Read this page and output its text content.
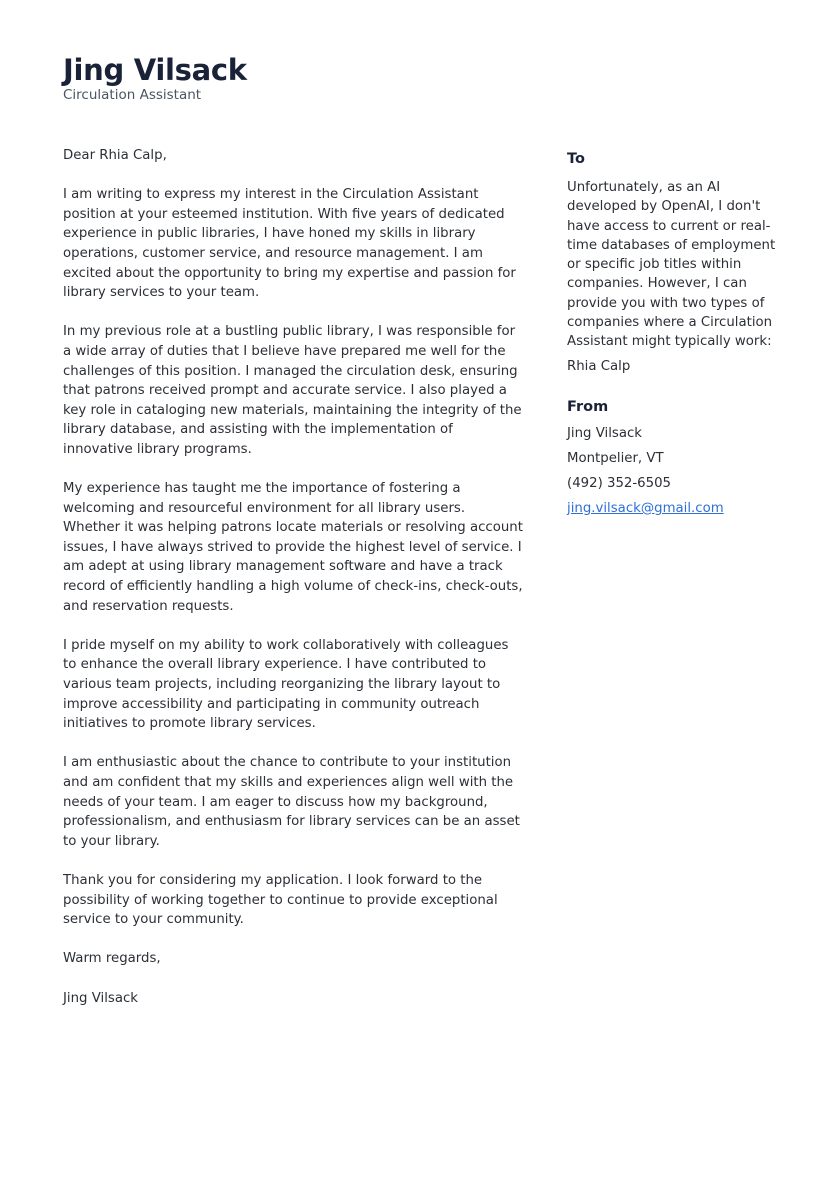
Jing Vilsack
Circulation Assistant

Dear Rhia Calp,

I am writing to express my interest in the Circulation Assistant position at your esteemed institution. With five years of dedicated experience in public libraries, I have honed my skills in library operations, customer service, and resource management. I am excited about the opportunity to bring my expertise and passion for library services to your team.

In my previous role at a bustling public library, I was responsible for a wide array of duties that I believe have prepared me well for the challenges of this position. I managed the circulation desk, ensuring that patrons received prompt and accurate service. I also played a key role in cataloging new materials, maintaining the integrity of the library database, and assisting with the implementation of innovative library programs.

My experience has taught me the importance of fostering a welcoming and resourceful environment for all library users. Whether it was helping patrons locate materials or resolving account issues, I have always strived to provide the highest level of service. I am adept at using library management software and have a track record of efficiently handling a high volume of check-ins, check-outs, and reservation requests.

I pride myself on my ability to work collaboratively with colleagues to enhance the overall library experience. I have contributed to various team projects, including reorganizing the library layout to improve accessibility and participating in community outreach initiatives to promote library services.

I am enthusiastic about the chance to contribute to your institution and am confident that my skills and experiences align well with the needs of your team. I am eager to discuss how my background, professionalism, and enthusiasm for library services can be an asset to your library.

Thank you for considering my application. I look forward to the possibility of working together to continue to provide exceptional service to your community.

Warm regards,

Jing Vilsack

To
Unfortunately, as an AI developed by OpenAI, I don't have access to current or real-time databases of employment or specific job titles within companies. However, I can provide you with two types of companies where a Circulation Assistant might typically work:
Rhia Calp
From
Jing Vilsack
Montpelier, VT
(492) 352-6505
jing.vilsack@gmail.com
